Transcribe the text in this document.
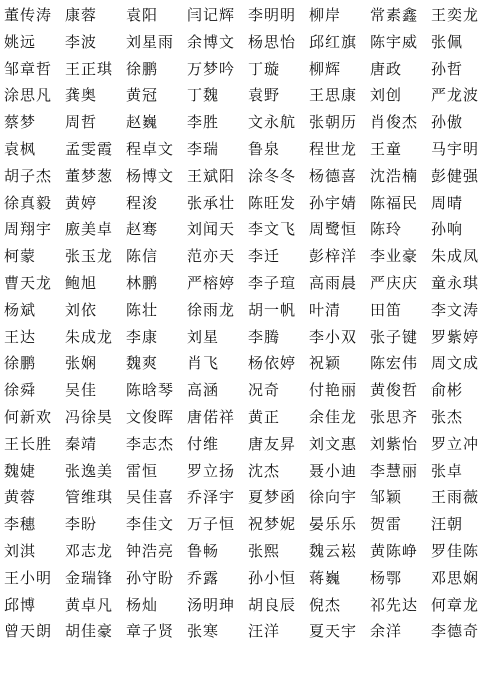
董传涛 康蓉	袁阳	闫记辉 李明明 柳岸	常素鑫 王奕龙
姚远	李波	刘星雨 余博文 杨思怡 邱红旗 陈宇威 张佩
邹章哲 王正琪 徐鹏	万梦吟 丁璇	柳辉	唐政	孙哲
涂思凡 龚奥	黄冠	丁魏	袁野	王思康 刘创	严龙波
蔡梦	周哲	赵巍	李胜	文永航 张朝历 肖俊杰 孙傲
袁枫	孟雯霞 程卓文 李瑞	鲁泉	程世龙 王童	马宇明
胡子杰 董梦葱 杨博文 王斌阳 涂冬冬 杨德喜 沈浩楠 彭健强
徐真毅 黄婷	程浚	张承壮 陈旺发 孙宇婧 陈福民 周晴
周翔宇 廒美卓 赵骞	刘闻天 李文飞 周鹭恒 陈玲	孙响
柯蒙	张玉龙 陈信	范亦天 李迁	彭梓洋 李业豪 朱成凤
曹天龙 鲍旭	林鹏	严榕婷 李子瑄 高雨晨 严庆庆 童永琪
杨斌	刘依	陈壮	徐雨龙 胡一帆 叶清	田笛	李文涛
王达	朱成龙 李康	刘星	李腾	李小双 张子键 罗紫婷
徐鹏	张娴	魏爽	肖飞	杨依婷 祝颖	陈宏伟 周文成
徐舜	吴佳	陈晗琴 高涵	况奇	付艳丽 黄俊哲 俞彬
何新欢 冯徐昊 文俊晖 唐偌祥 黄正	余佳龙 张思齐 张杰
王长胜 秦靖	李志杰 付维	唐友昇 刘文惠 刘紫怡 罗立冲
魏婕	张逸美 雷恒	罗立扬 沈杰	聂小迪 李慧丽 张卓
黄蓉	管维琪 吴佳喜 乔泽宇 夏梦函 徐向宇 邹颖	王雨薇
李穗	李盼	李佳文 万子恒 祝梦妮 晏乐乐 贺雷	汪朝
刘淇	邓志龙 钟浩亮 鲁畅	张熙	魏云崧 黄陈峥 罗佳陈
王小明 金瑞锋 孙守盼 乔露	孙小恒 蒋巍	杨鄂	邓思娴
邱博	黄卓凡 杨灿	汤明珅 胡良辰 倪杰	祁先达 何章龙
曾天朗 胡佳豪 章子贤 张寒	汪洋	夏天宇 余洋	李德奇
